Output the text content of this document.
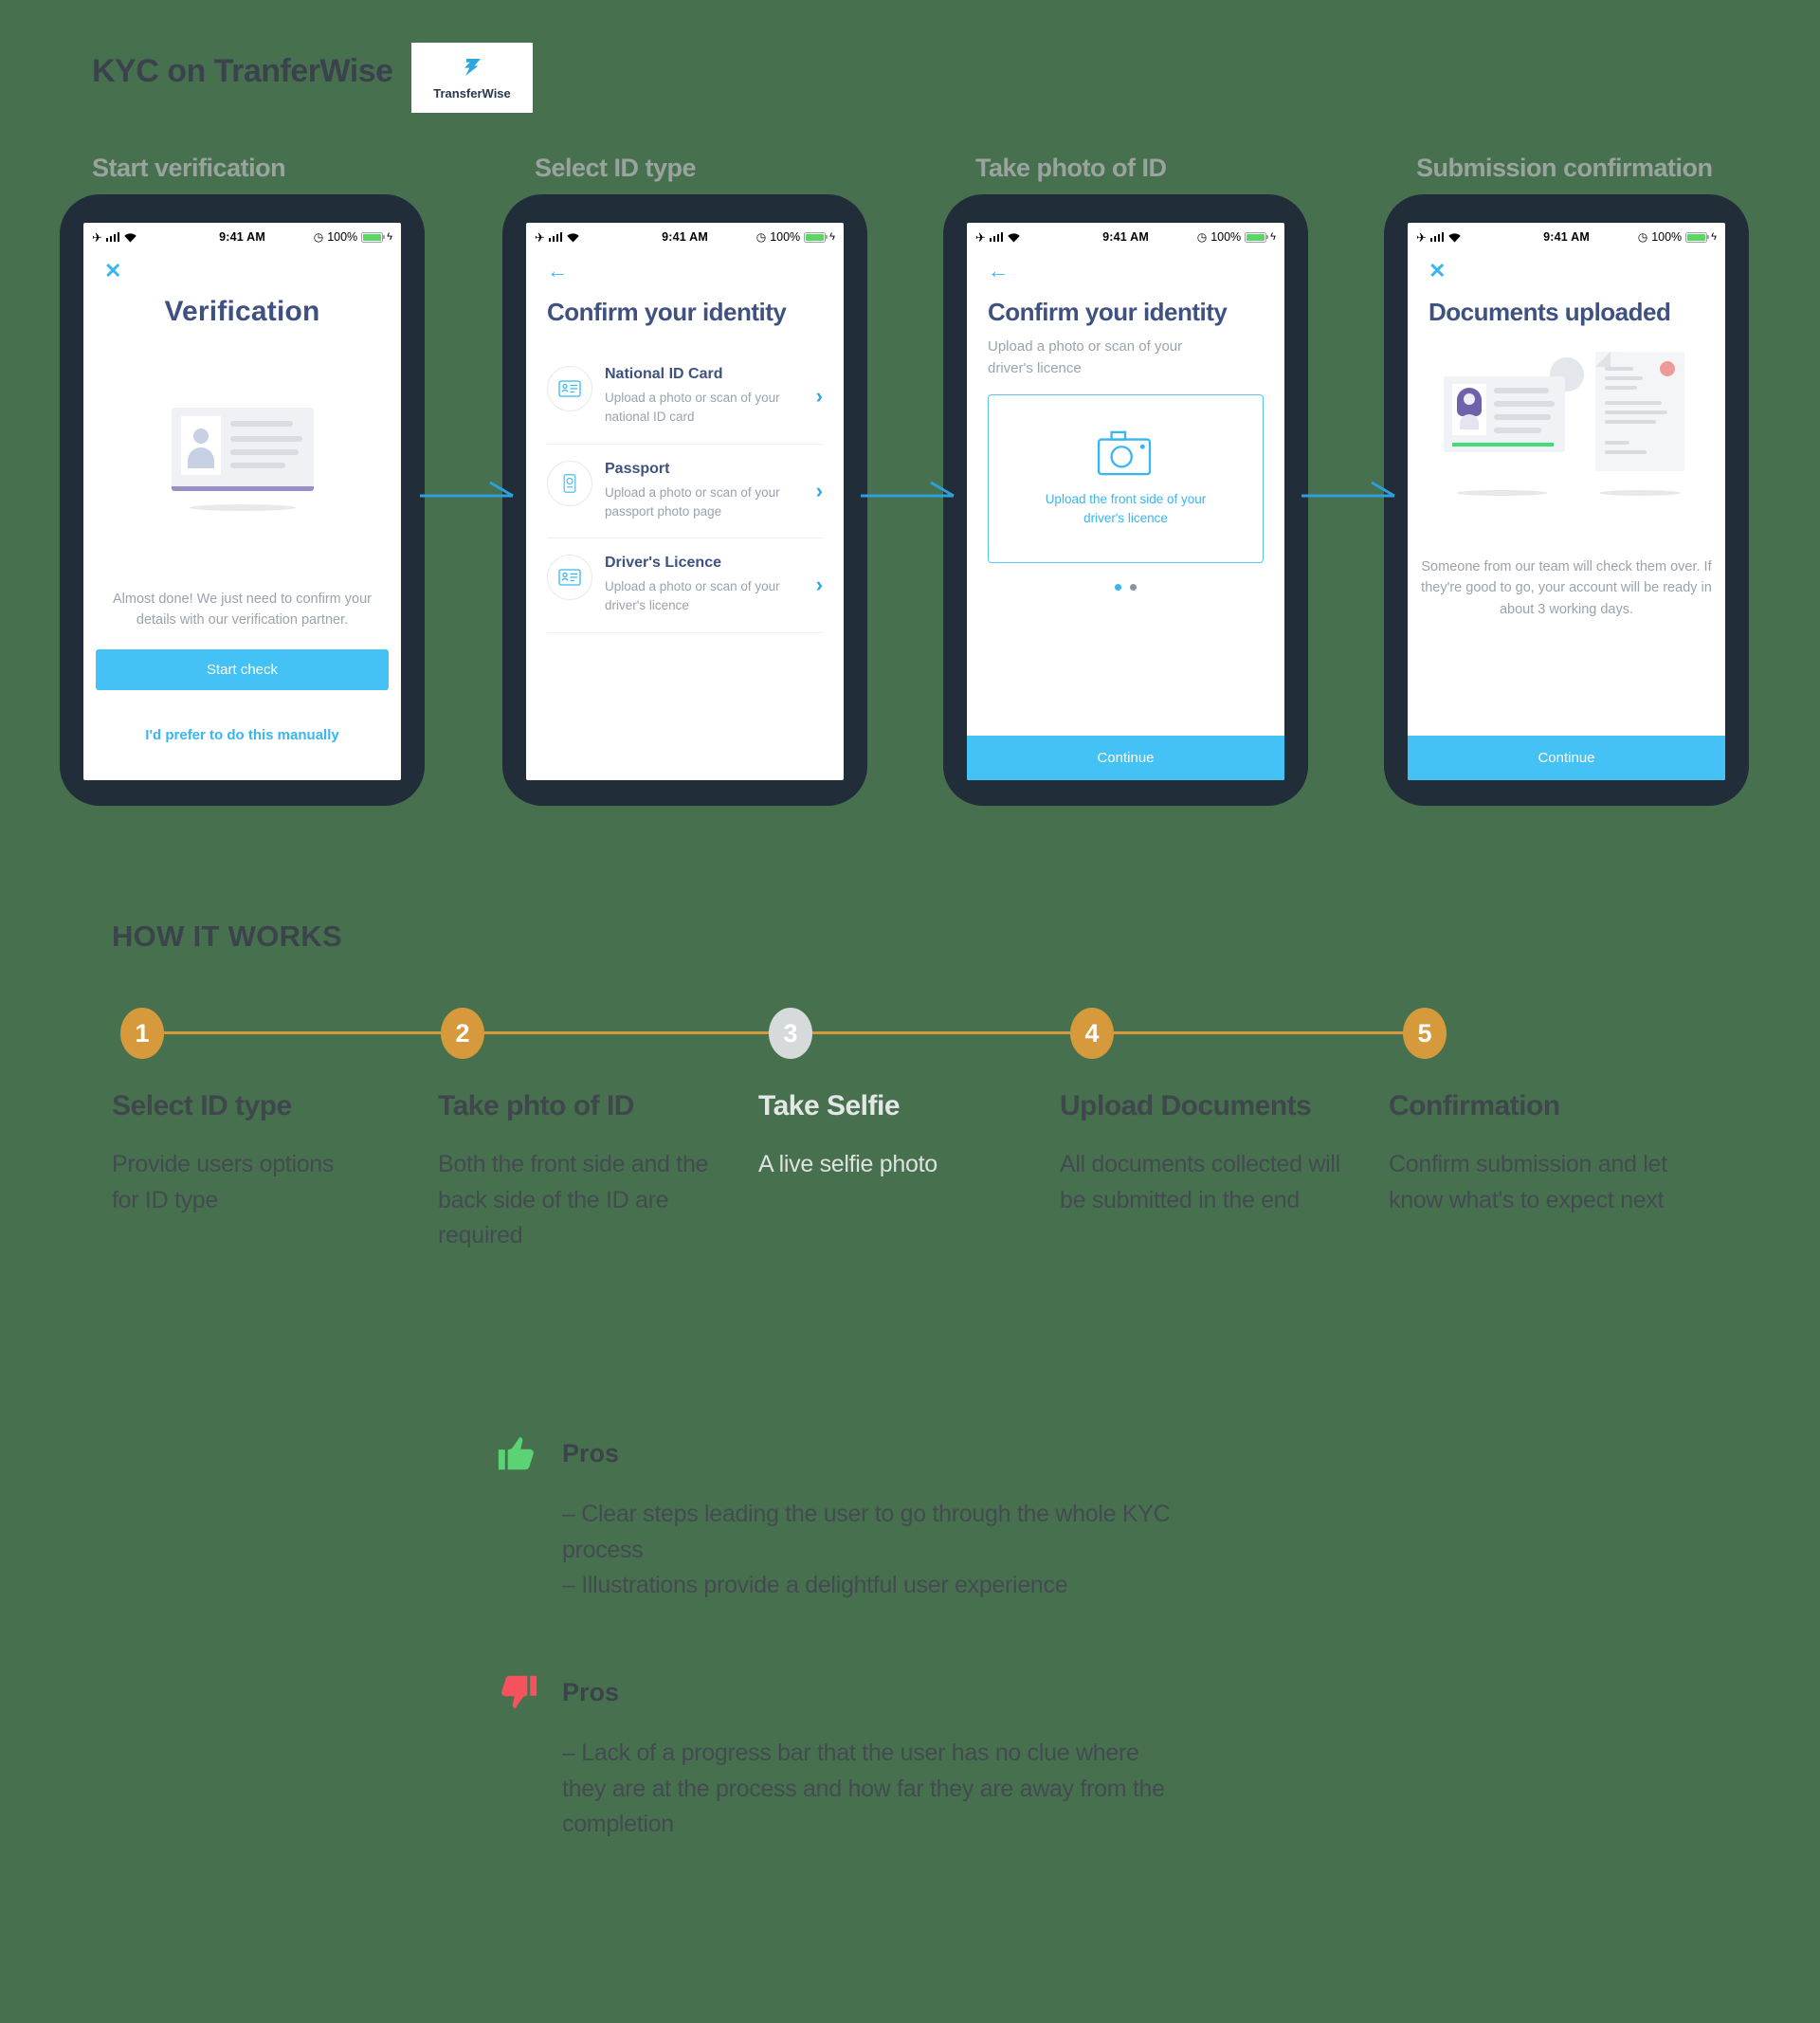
KYC on TranferWise
TransferWise
Start verification
✈	9:41 AM	◷ 100%	ϟ
✕
Verification
Almost done! We just need to confirm your details with our verification partner.
Start check
I'd prefer to do this manually
Select ID type
✈	9:41 AM	◷ 100%	ϟ
←
Confirm your identity
National ID Card
Upload a photo or scan of your national ID card
›
Passport
Upload a photo or scan of your passport photo page
›
Driver's Licence
Upload a photo or scan of your driver's licence
›
Take photo of ID
✈	9:41 AM	◷ 100%	ϟ
←
Confirm your identity
Upload a photo or scan of your driver's licence
Upload the front side of your driver's licence
Continue
Submission confirmation
✈	9:41 AM	◷ 100%	ϟ
✕
Documents uploaded
Someone from our team will check them over. If they're good to go, your account will be ready in about 3 working days.
Continue
HOW IT WORKS
1	2	3	4	5
Select ID type
Provide users options for ID type
Take phto of ID
Both the front side and the back side of the ID are required
Take Selfie
A live selfie photo
Upload Documents
All documents collected will be submitted in the end
Confirmation
Confirm submission and let know what's to expect next
Pros
– Clear steps leading the user to go through the whole KYC process
– Illustrations provide a delightful user experience
Pros
– Lack of a progress bar that the user has no clue where they are at the process and how far they are away from the completion
